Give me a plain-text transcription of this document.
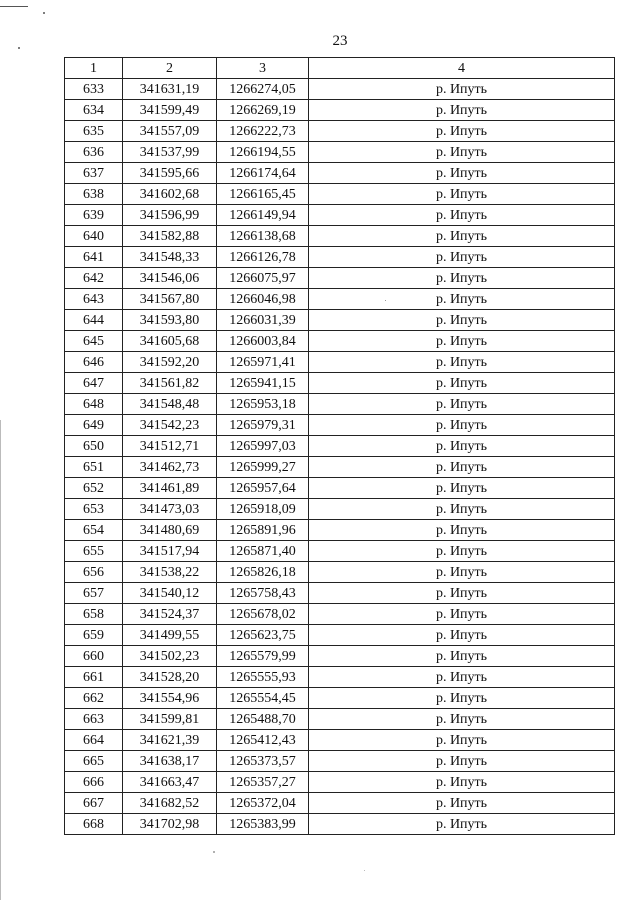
23
1	2	3	4
633	341631,19	1266274,05	р. Ипуть
634	341599,49	1266269,19	р. Ипуть
635	341557,09	1266222,73	р. Ипуть
636	341537,99	1266194,55	р. Ипуть
637	341595,66	1266174,64	р. Ипуть
638	341602,68	1266165,45	р. Ипуть
639	341596,99	1266149,94	р. Ипуть
640	341582,88	1266138,68	р. Ипуть
641	341548,33	1266126,78	р. Ипуть
642	341546,06	1266075,97	р. Ипуть
643	341567,80	1266046,98	р. Ипуть
644	341593,80	1266031,39	р. Ипуть
645	341605,68	1266003,84	р. Ипуть
646	341592,20	1265971,41	р. Ипуть
647	341561,82	1265941,15	р. Ипуть
648	341548,48	1265953,18	р. Ипуть
649	341542,23	1265979,31	р. Ипуть
650	341512,71	1265997,03	р. Ипуть
651	341462,73	1265999,27	р. Ипуть
652	341461,89	1265957,64	р. Ипуть
653	341473,03	1265918,09	р. Ипуть
654	341480,69	1265891,96	р. Ипуть
655	341517,94	1265871,40	р. Ипуть
656	341538,22	1265826,18	р. Ипуть
657	341540,12	1265758,43	р. Ипуть
658	341524,37	1265678,02	р. Ипуть
659	341499,55	1265623,75	р. Ипуть
660	341502,23	1265579,99	р. Ипуть
661	341528,20	1265555,93	р. Ипуть
662	341554,96	1265554,45	р. Ипуть
663	341599,81	1265488,70	р. Ипуть
664	341621,39	1265412,43	р. Ипуть
665	341638,17	1265373,57	р. Ипуть
666	341663,47	1265357,27	р. Ипуть
667	341682,52	1265372,04	р. Ипуть
668	341702,98	1265383,99	р. Ипуть
